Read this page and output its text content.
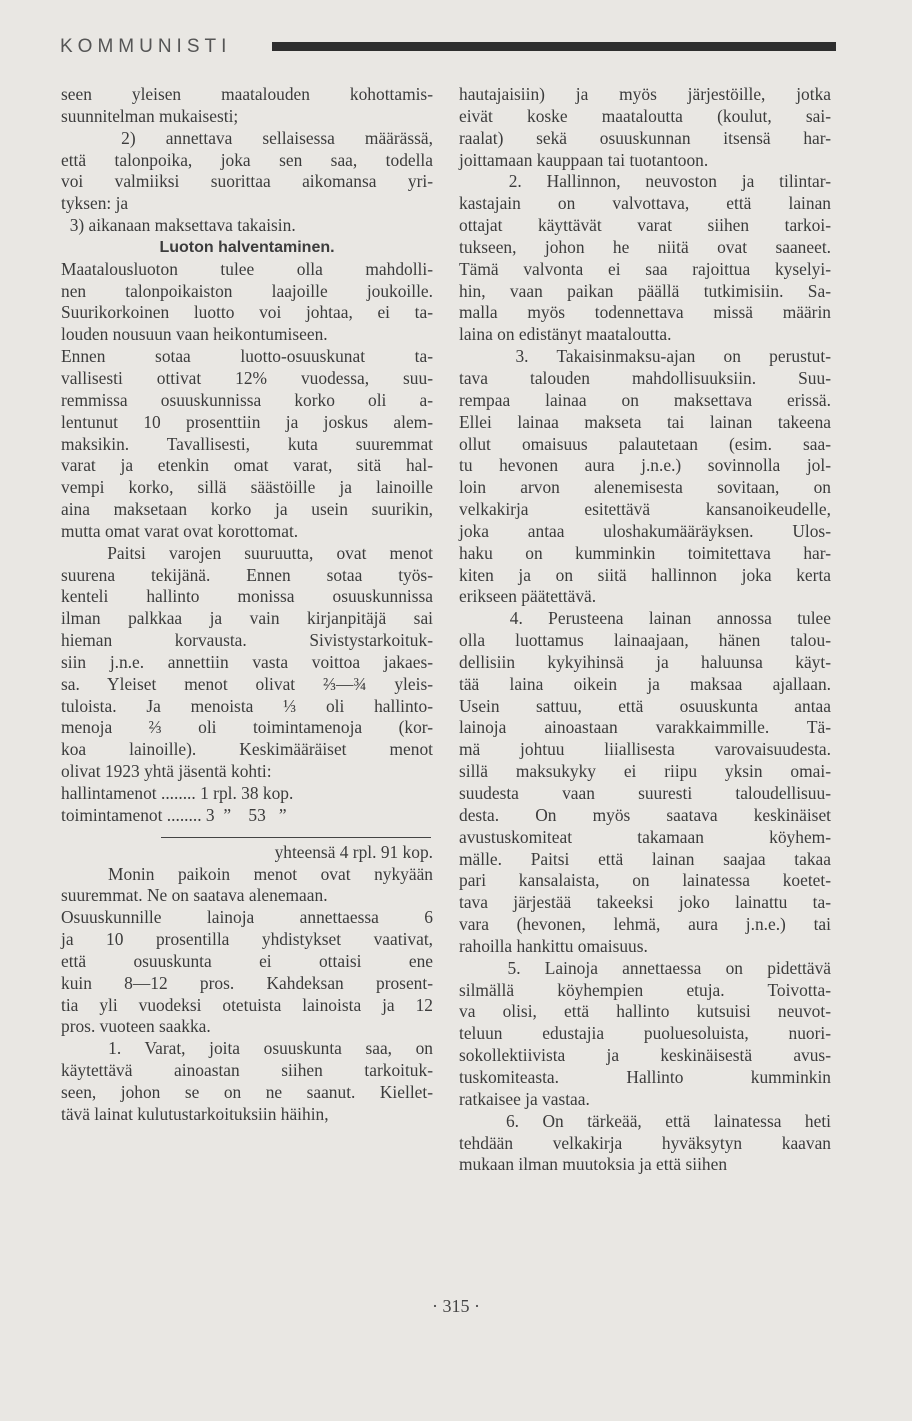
KOMMUNISTI
seen yleisen maatalouden kohottamis-
suunnitelman mukaisesti;
2) annettava sellaisessa määrässä,
että talonpoika, joka sen saa, todella
voi valmiiksi suorittaa aikomansa yri-
tyksen: ja
3) aikanaan maksettava takaisin.
Luoton halventaminen.
Maatalousluoton tulee olla mahdolli-
nen talonpoikaiston laajoille joukoille.
Suurikorkoinen luotto voi johtaa, ei ta-
louden nousuun vaan heikontumiseen.
Ennen sotaa luotto-osuuskunat ta-
vallisesti ottivat 12% vuodessa, suu-
remmissa osuuskunnissa korko oli a-
lentunut 10 prosenttiin ja joskus alem-
maksikin. Tavallisesti, kuta suuremmat
varat ja etenkin omat varat, sitä hal-
vempi korko, sillä säästöille ja lainoille
aina maksetaan korko ja usein suurikin,
mutta omat varat ovat korottomat.
Paitsi varojen suuruutta, ovat menot
suurena tekijänä. Ennen sotaa työs-
kenteli hallinto monissa osuuskunnissa
ilman palkkaa ja vain kirjanpitäjä sai
hieman korvausta. Sivistystarkoituk-
siin j.n.e. annettiin vasta voittoa jakaes-
sa. Yleiset menot olivat ⅔—¾ yleis-
tuloista. Ja menoista ⅓ oli hallinto-
menoja ⅔ oli toimintamenoja (kor-
koa lainoille). Keskimääräiset menot
olivat 1923 yhtä jäsentä kohti:
hallintamenot ........ 1 rpl. 38 kop.
toimintamenot ........ 3  ”    53   ”
yhteensä 4 rpl. 91 kop.
Monin paikoin menot ovat nykyään
suuremmat. Ne on saatava alenemaan.
Osuuskunnille lainoja annettaessa 6
ja 10 prosentilla yhdistykset vaativat,
että osuuskunta ei ottaisi ene
kuin 8—12 pros. Kahdeksan prosent-
tia yli vuodeksi otetuista lainoista ja 12
pros. vuoteen saakka.
1. Varat, joita osuuskunta saa, on
käytettävä ainoastan siihen tarkoituk-
seen, johon se on ne saanut. Kiellet-
tävä lainat kulutustarkoituksiin häihin,
hautajaisiin) ja myös järjestöille, jotka
eivät koske maataloutta (koulut, sai-
raalat) sekä osuuskunnan itsensä har-
joittamaan kauppaan tai tuotantoon.
2. Hallinnon, neuvoston ja tilintar-
kastajain on valvottava, että lainan
ottajat käyttävät varat siihen tarkoi-
tukseen, johon he niitä ovat saaneet.
Tämä valvonta ei saa rajoittua kyselyi-
hin, vaan paikan päällä tutkimisiin. Sa-
malla myös todennettava missä määrin
laina on edistänyt maataloutta.
3. Takaisinmaksu-ajan on perustut-
tava talouden mahdollisuuksiin. Suu-
rempaa lainaa on maksettava erissä.
Ellei lainaa makseta tai lainan takeena
ollut omaisuus palautetaan (esim. saa-
tu hevonen aura j.n.e.) sovinnolla jol-
loin arvon alenemisesta sovitaan, on
velkakirja esitettävä kansanoikeudelle,
joka antaa uloshakumääräyksen. Ulos-
haku on kumminkin toimitettava har-
kiten ja on siitä hallinnon joka kerta
erikseen päätettävä.
4. Perusteena lainan annossa tulee
olla luottamus lainaajaan, hänen talou-
dellisiin kykyihinsä ja haluunsa käyt-
tää laina oikein ja maksaa ajallaan.
Usein sattuu, että osuuskunta antaa
lainoja ainoastaan varakkaimmille. Tä-
mä johtuu liiallisesta varovaisuudesta.
sillä maksukyky ei riipu yksin omai-
suudesta vaan suuresti taloudellisuu-
desta. On myös saatava keskinäiset
avustuskomiteat takamaan köyhem-
mälle. Paitsi että lainan saajaa takaa
pari kansalaista, on lainatessa koetet-
tava järjestää takeeksi joko lainattu ta-
vara (hevonen, lehmä, aura j.n.e.) tai
rahoilla hankittu omaisuus.
5. Lainoja annettaessa on pidettävä
silmällä köyhempien etuja. Toivotta-
va olisi, että hallinto kutsuisi neuvot-
teluun edustajia puoluesoluista, nuori-
sokollektiivista ja keskinäisestä avus-
tuskomiteasta. Hallinto kumminkin
ratkaisee ja vastaa.
6. On tärkeää, että lainatessa heti
tehdään velkakirja hyväksytyn kaavan
mukaan ilman muutoksia ja että siihen
· 315 ·
